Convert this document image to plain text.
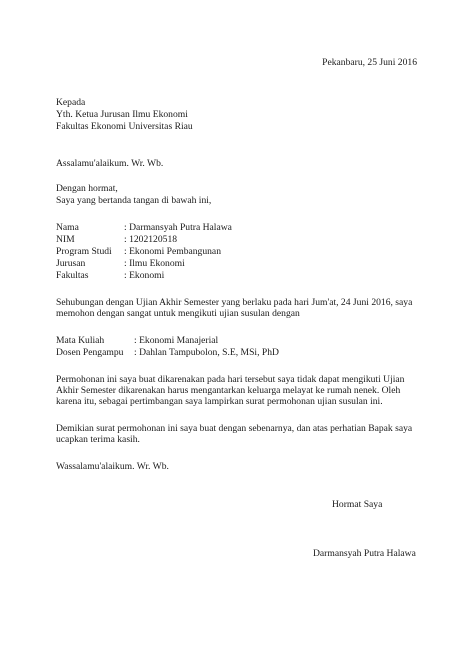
Pekanbaru, 25 Juni 2016
Kepada
Yth. Ketua Jurusan Ilmu Ekonomi
Fakultas Ekonomi Universitas Riau
Assalamu'alaikum. Wr. Wb.
Dengan hormat,
Saya yang bertanda tangan di bawah ini,
Nama	: Darmansyah Putra Halawa
NIM	: 1202120518
Program Studi : Ekonomi Pembangunan
Jurusan	: Ilmu Ekonomi
Fakultas	: Ekonomi
Sehubungan dengan Ujian Akhir Semester yang berlaku pada hari Jum'at, 24 Juni 2016, saya
memohon dengan sangat untuk mengikuti ujian susulan dengan
Mata Kuliah	: Ekonomi Manajerial
Dosen Pengampu : Dahlan Tampubolon, S.E, MSi, PhD
Permohonan ini saya buat dikarenakan pada hari tersebut saya tidak dapat mengikuti Ujian
Akhir Semester dikarenakan harus mengantarkan keluarga melayat ke rumah nenek. Oleh
karena itu, sebagai pertimbangan saya lampirkan surat permohonan ujian susulan ini.
Demikian surat permohonan ini saya buat dengan sebenarnya, dan atas perhatian Bapak saya
ucapkan terima kasih.
Wassalamu'alaikum. Wr. Wb.
Hormat Saya
Darmansyah Putra Halawa
